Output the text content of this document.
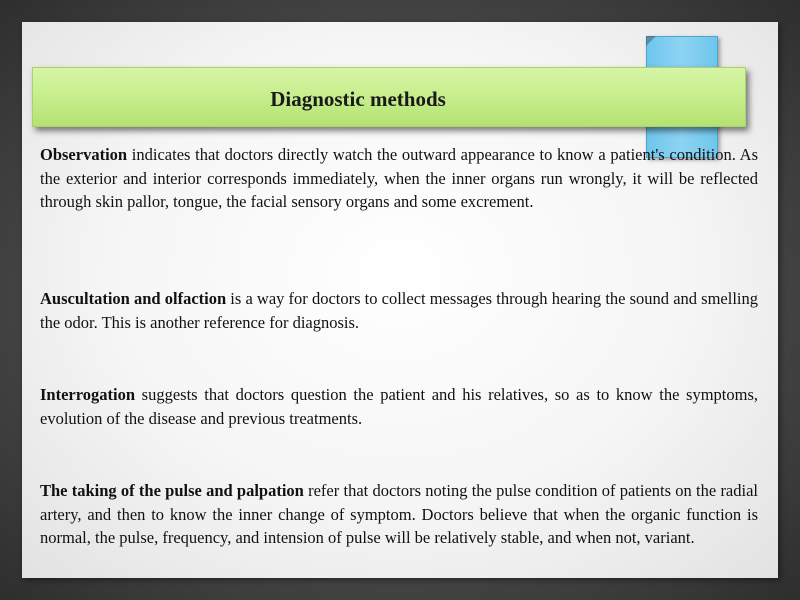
Diagnostic methods

Observation indicates that doctors directly watch the outward appearance to know a patient's condition. As the exterior and interior corresponds immediately, when the inner organs run wrongly, it will be reflected through skin pallor, tongue, the facial sensory organs and some excrement.

Auscultation and olfaction is a way for doctors to collect messages through hearing the sound and smelling the odor. This is another reference for diagnosis.

Interrogation suggests that doctors question the patient and his relatives, so as to know the symptoms, evolution of the disease and previous treatments.

The taking of the pulse and palpation refer that doctors noting the pulse condition of patients on the radial artery, and then to know the inner change of symptom. Doctors believe that when the organic function is normal, the pulse, frequency, and intension of pulse will be relatively stable, and when not, variant.
